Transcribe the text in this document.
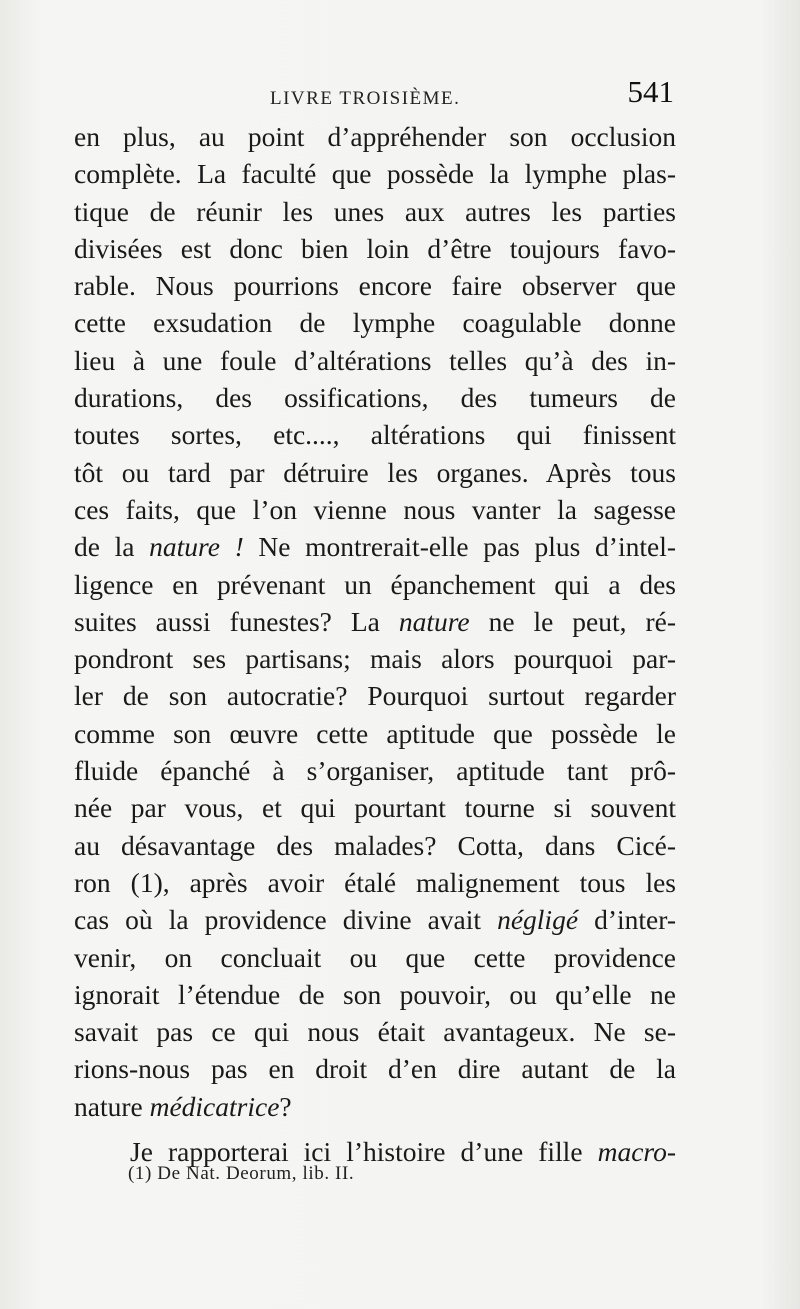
LIVRE TROISIÈME.	541
en plus, au point d’appréhender son occlusion
complète. La faculté que possède la lymphe plas-
tique de réunir les unes aux autres les parties
divisées est donc bien loin d’être toujours favo-
rable. Nous pourrions encore faire observer que
cette exsudation de lymphe coagulable donne
lieu à une foule d’altérations telles qu’à des in-
durations, des ossifications, des tumeurs de
toutes sortes, etc...., altérations qui finissent
tôt ou tard par détruire les organes. Après tous
ces faits, que l’on vienne nous vanter la sagesse
de la nature ! Ne montrerait-elle pas plus d’intel-
ligence en prévenant un épanchement qui a des
suites aussi funestes? La nature ne le peut, ré-
pondront ses partisans; mais alors pourquoi par-
ler de son autocratie? Pourquoi surtout regarder
comme son œuvre cette aptitude que possède le
fluide épanché à s’organiser, aptitude tant prô-
née par vous, et qui pourtant tourne si souvent
au désavantage des malades? Cotta, dans Cicé-
ron (1), après avoir étalé malignement tous les
cas où la providence divine avait négligé d’inter-
venir, on concluait ou que cette providence
ignorait l’étendue de son pouvoir, ou qu’elle ne
savait pas ce qui nous était avantageux. Ne se-
rions-nous pas en droit d’en dire autant de la
nature médicatrice?
Je rapporterai ici l’histoire d’une fille macro-
(1) De Nat. Deorum, lib. II.
